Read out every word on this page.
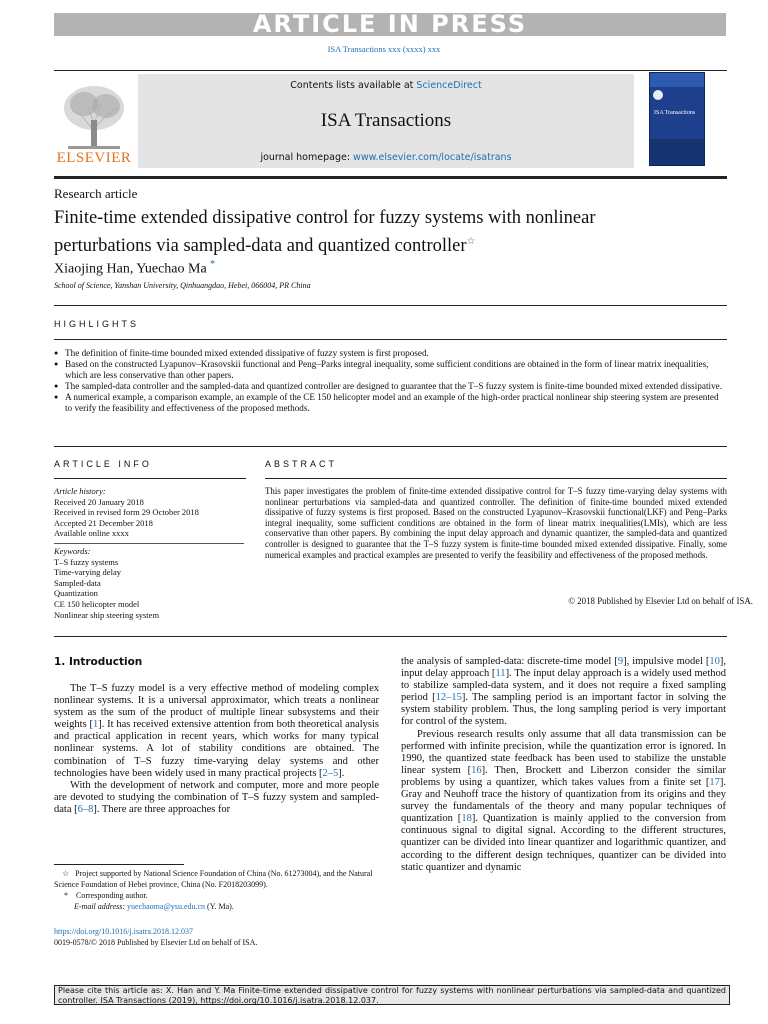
ARTICLE IN PRESS
ISA Transactions xxx (xxxx) xxx
ELSEVIER
Contents lists available at ScienceDirect
ISA Transactions
journal homepage: www.elsevier.com/locate/isatrans
ISA Transactions
Research article
Finite-time extended dissipative control for fuzzy systems with nonlinear perturbations via sampled-data and quantized controller☆
Xiaojing Han, Yuechao Ma *
School of Science, Yanshan University, Qinhuangdao, Hebei, 066004, PR China
HIGHLIGHTS
● The definition of finite-time bounded mixed extended dissipative of fuzzy system is first proposed.
● Based on the constructed Lyapunov–Krasovskii functional and Peng–Parks integral inequality, some sufficient conditions are obtained in the form of linear matrix inequalities, which are less conservative than other papers.
● The sampled-data controller and the sampled-data and quantized controller are designed to guarantee that the T–S fuzzy system is finite-time bounded mixed extended dissipative.
● A numerical example, a comparison example, an example of the CE 150 helicopter model and an example of the high-order practical nonlinear ship steering system are presented to verify the feasibility and effectiveness of the proposed methods.
ARTICLE INFO	ABSTRACT
Article history:
Received 20 January 2018
Received in revised form 29 October 2018
Accepted 21 December 2018
Available online xxxx
Keywords:
T–S fuzzy systems
Time-varying delay
Sampled-data
Quantization
CE 150 helicopter model
Nonlinear ship steering system
This paper investigates the problem of finite-time extended dissipative control for T–S fuzzy time-varying delay systems with nonlinear perturbations via sampled-data and quantized controller. The definition of finite-time bounded mixed extended dissipative of fuzzy systems is first proposed. Based on the constructed Lyapunov–Krasovskii functional(LKF) and Peng–Parks integral inequality, some sufficient conditions are obtained in the form of linear matrix inequalities(LMIs), which are less conservative than other papers. By combining the input delay approach and dynamic quantizer, the sampled-data and quantized controller is designed to guarantee that the T–S fuzzy system is finite-time bounded mixed extended dissipative. Finally, some numerical examples and practical examples are presented to verify the feasibility and effectiveness of the proposed methods.
© 2018 Published by Elsevier Ltd on behalf of ISA.
1. Introduction

The T–S fuzzy model is a very effective method of modeling complex nonlinear systems. It is a universal approximator, which treats a nonlinear system as the sum of the product of multiple linear subsystems and their weights [1]. It has received extensive attention from both theoretical analysis and practical application in recent years, which works for many typical nonlinear systems. A lot of stability conditions are obtained. The combination of T–S fuzzy time-varying delay systems and other technologies have been widely used in many practical projects [2–5].

With the development of network and computer, more and more people are devoted to studying the combination of T–S fuzzy system and sampled-data [6–8]. There are three approaches for

the analysis of sampled-data: discrete-time model [9], impulsive model [10], input delay approach [11]. The input delay approach is a widely used method to stabilize sampled-data system, and it does not require a fixed sampling period [12–15]. The sampling period is an important factor in solving the system stability problem. Thus, the long sampling period is very important for control of the system.

Previous research results only assume that all data transmission can be performed with infinite precision, while the quantization error is ignored. In 1990, the quantized state feedback has been used to stabilize the unstable linear system [16]. Then, Brockett and Liberzon consider the similar problems by using a quantizer, which takes values from a finite set [17]. Gray and Neuhoff trace the history of quantization from its origins and they survey the fundamentals of the theory and many popular techniques of quantization [18]. Quantization is mainly applied to the conversion from continuous signal to digital signal. According to the different structures, quantizer can be divided into linear quantizer and logarithmic quantizer, and according to the different design techniques, quantizer can be divided into static quantizer and dynamic

☆ Project supported by National Science Foundation of China (No. 61273004), and the Natural Science Foundation of Hebei province, China (No. F2018203099).
* Corresponding author.
E-mail address: yuechaoma@ysu.edu.cn (Y. Ma).
https://doi.org/10.1016/j.isatra.2018.12.037
0019-0578/© 2018 Published by Elsevier Ltd on behalf of ISA.
Please cite this article as: X. Han and Y. Ma Finite-time extended dissipative control for fuzzy systems with nonlinear perturbations via sampled-data and quantized controller. ISA Transactions (2019), https://doi.org/10.1016/j.isatra.2018.12.037.
